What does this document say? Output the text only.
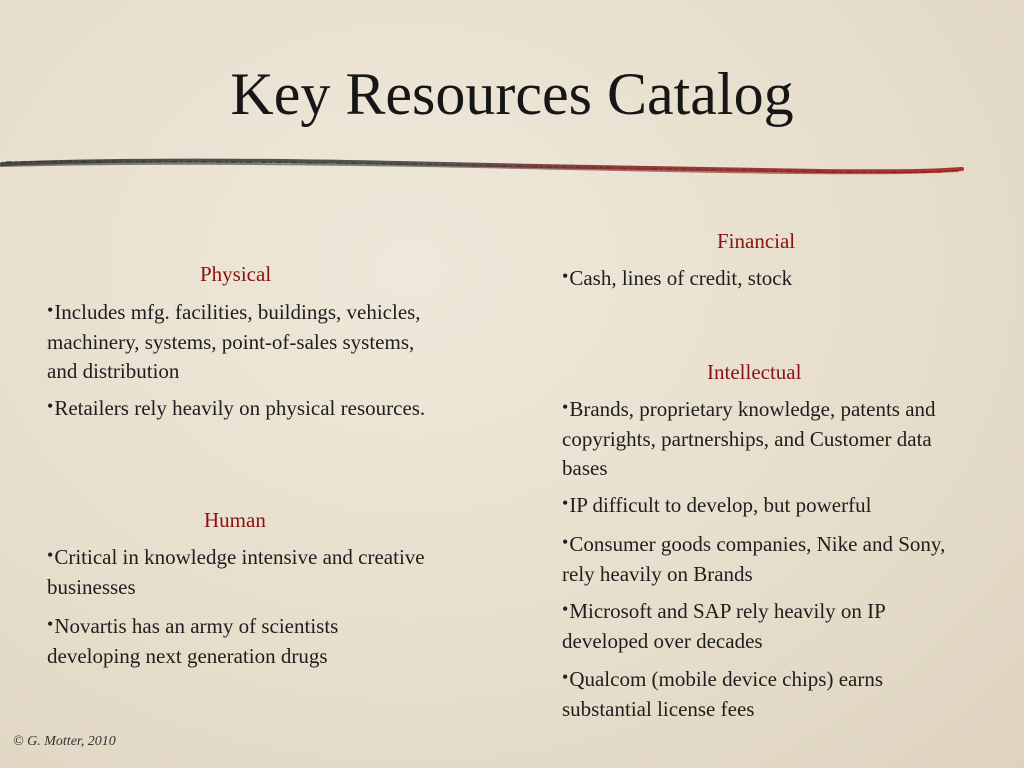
Key Resources Catalog
Physical
•Includes mfg. facilities, buildings, vehicles, machinery, systems, point-of-sales systems, and distribution
•Retailers rely heavily on physical resources.
Human
•Critical in knowledge intensive and creative businesses
•Novartis has an army of scientists developing next generation drugs
Financial
•Cash, lines of credit, stock
Intellectual
•Brands, proprietary knowledge, patents and copyrights, partnerships, and Customer data bases
•IP difficult to develop, but powerful
•Consumer goods companies, Nike and Sony, rely heavily on Brands
•Microsoft and SAP rely heavily on IP developed over decades
•Qualcom (mobile device chips) earns substantial license fees
© G. Motter, 2010
